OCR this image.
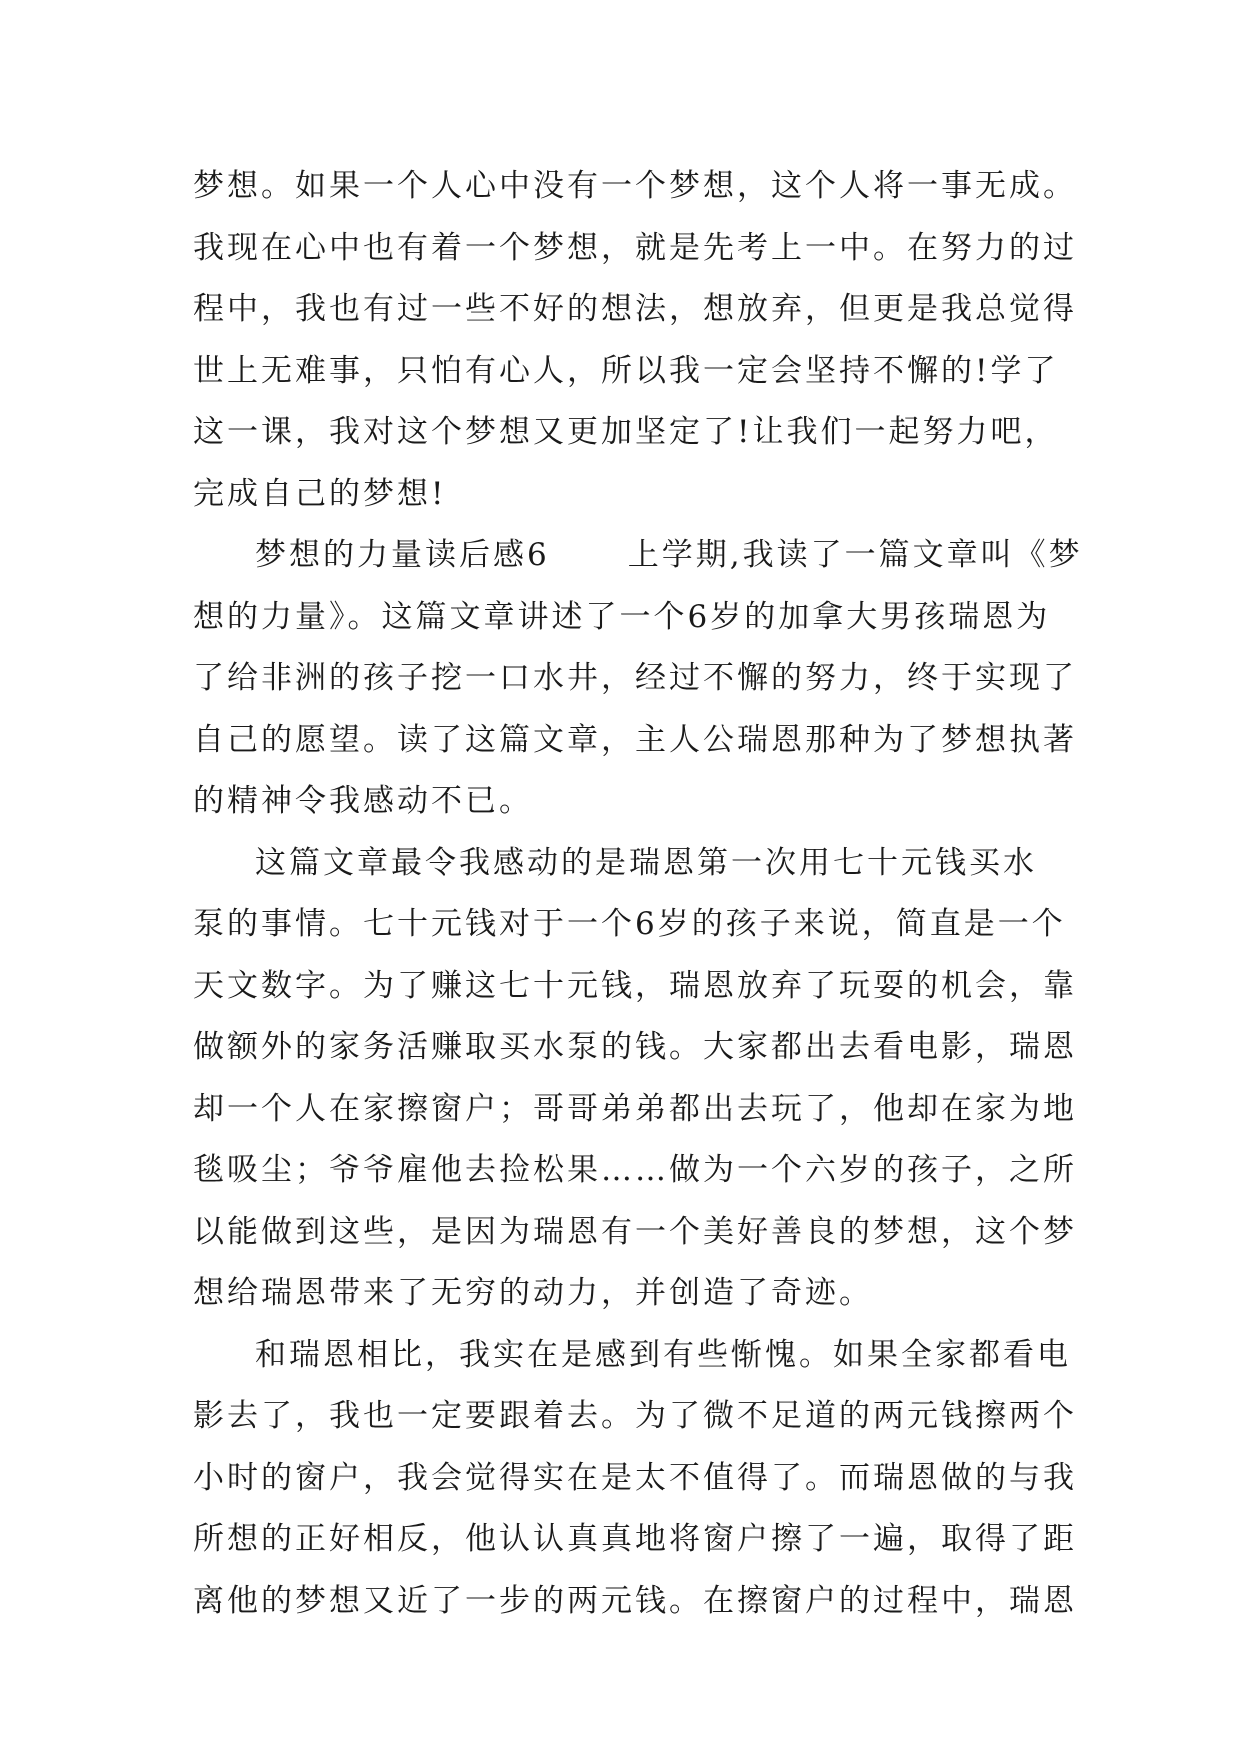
梦想。如果一个人心中没有一个梦想，这个人将一事无成。
我现在心中也有着一个梦想，就是先考上一中。在努力的过
程中，我也有过一些不好的想法，想放弃，但更是我总觉得
世上无难事，只怕有心人，所以我一定会坚持不懈的!学了
这一课，我对这个梦想又更加坚定了!让我们一起努力吧，
完成自己的梦想!
梦想的力量读后感6	上学期,我读了一篇文章叫《梦
想的力量》。这篇文章讲述了一个6岁的加拿大男孩瑞恩为
了给非洲的孩子挖一口水井，经过不懈的努力，终于实现了
自己的愿望。读了这篇文章，主人公瑞恩那种为了梦想执著
的精神令我感动不已。
这篇文章最令我感动的是瑞恩第一次用七十元钱买水
泵的事情。七十元钱对于一个6岁的孩子来说，简直是一个
天文数字。为了赚这七十元钱，瑞恩放弃了玩耍的机会，靠
做额外的家务活赚取买水泵的钱。大家都出去看电影，瑞恩
却一个人在家擦窗户；哥哥弟弟都出去玩了，他却在家为地
毯吸尘；爷爷雇他去捡松果……做为一个六岁的孩子，之所
以能做到这些，是因为瑞恩有一个美好善良的梦想，这个梦
想给瑞恩带来了无穷的动力，并创造了奇迹。
和瑞恩相比，我实在是感到有些惭愧。如果全家都看电
影去了，我也一定要跟着去。为了微不足道的两元钱擦两个
小时的窗户，我会觉得实在是太不值得了。而瑞恩做的与我
所想的正好相反，他认认真真地将窗户擦了一遍，取得了距
离他的梦想又近了一步的两元钱。在擦窗户的过程中，瑞恩
